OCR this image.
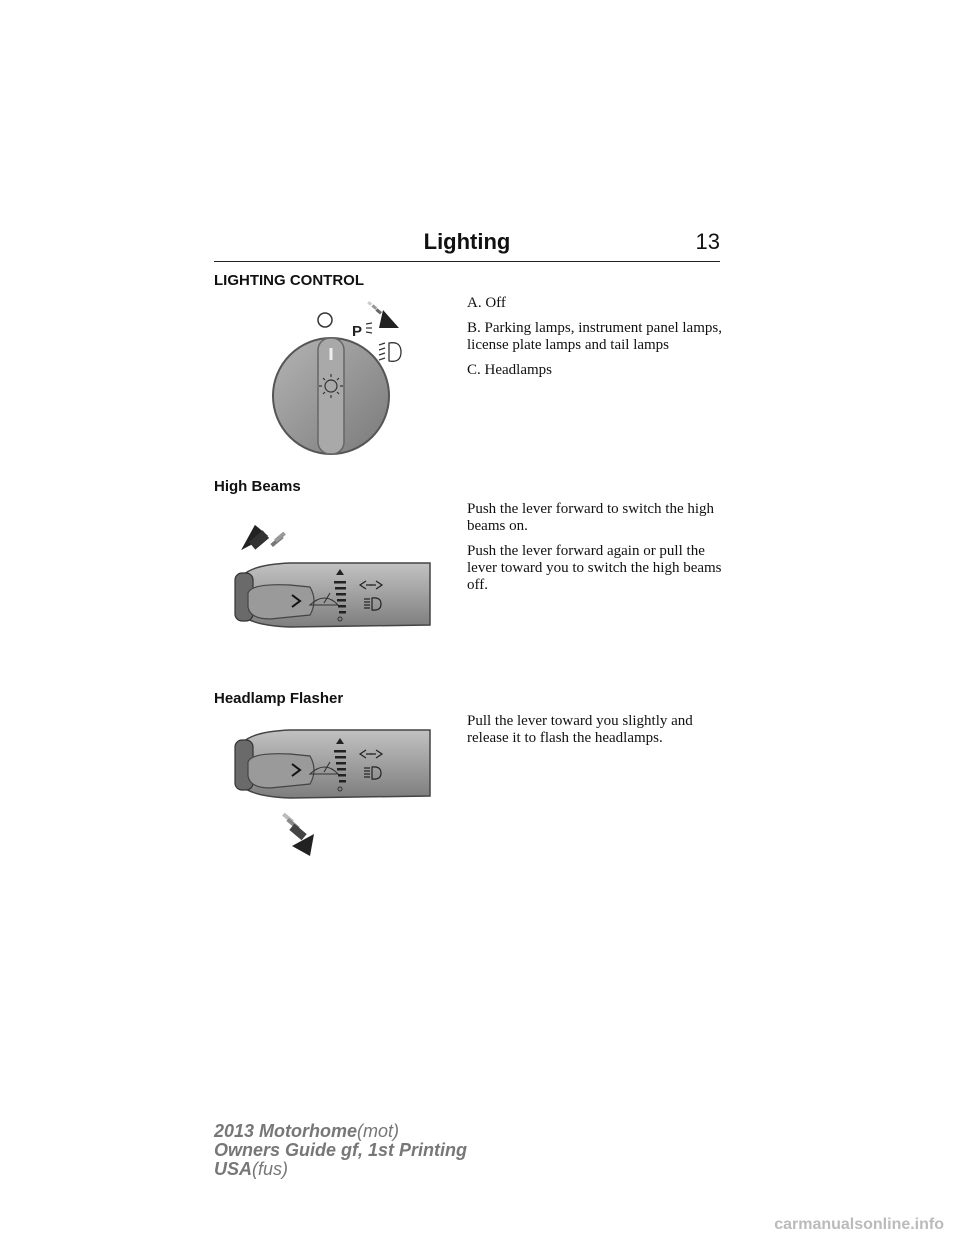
Lighting	13
LIGHTING CONTROL

A. Off

B. Parking lamps, instrument panel lamps, license plate lamps and tail lamps

C. Headlamps

P
High Beams

Push the lever forward to switch the high beams on.

Push the lever forward again or pull the lever toward you to switch the high beams off.

Headlamp Flasher

Pull the lever toward you slightly and release it to flash the headlamps.

2013 Motorhome(mot)
Owners Guide gf, 1st Printing
USA(fus)
carmanualsonline.info
